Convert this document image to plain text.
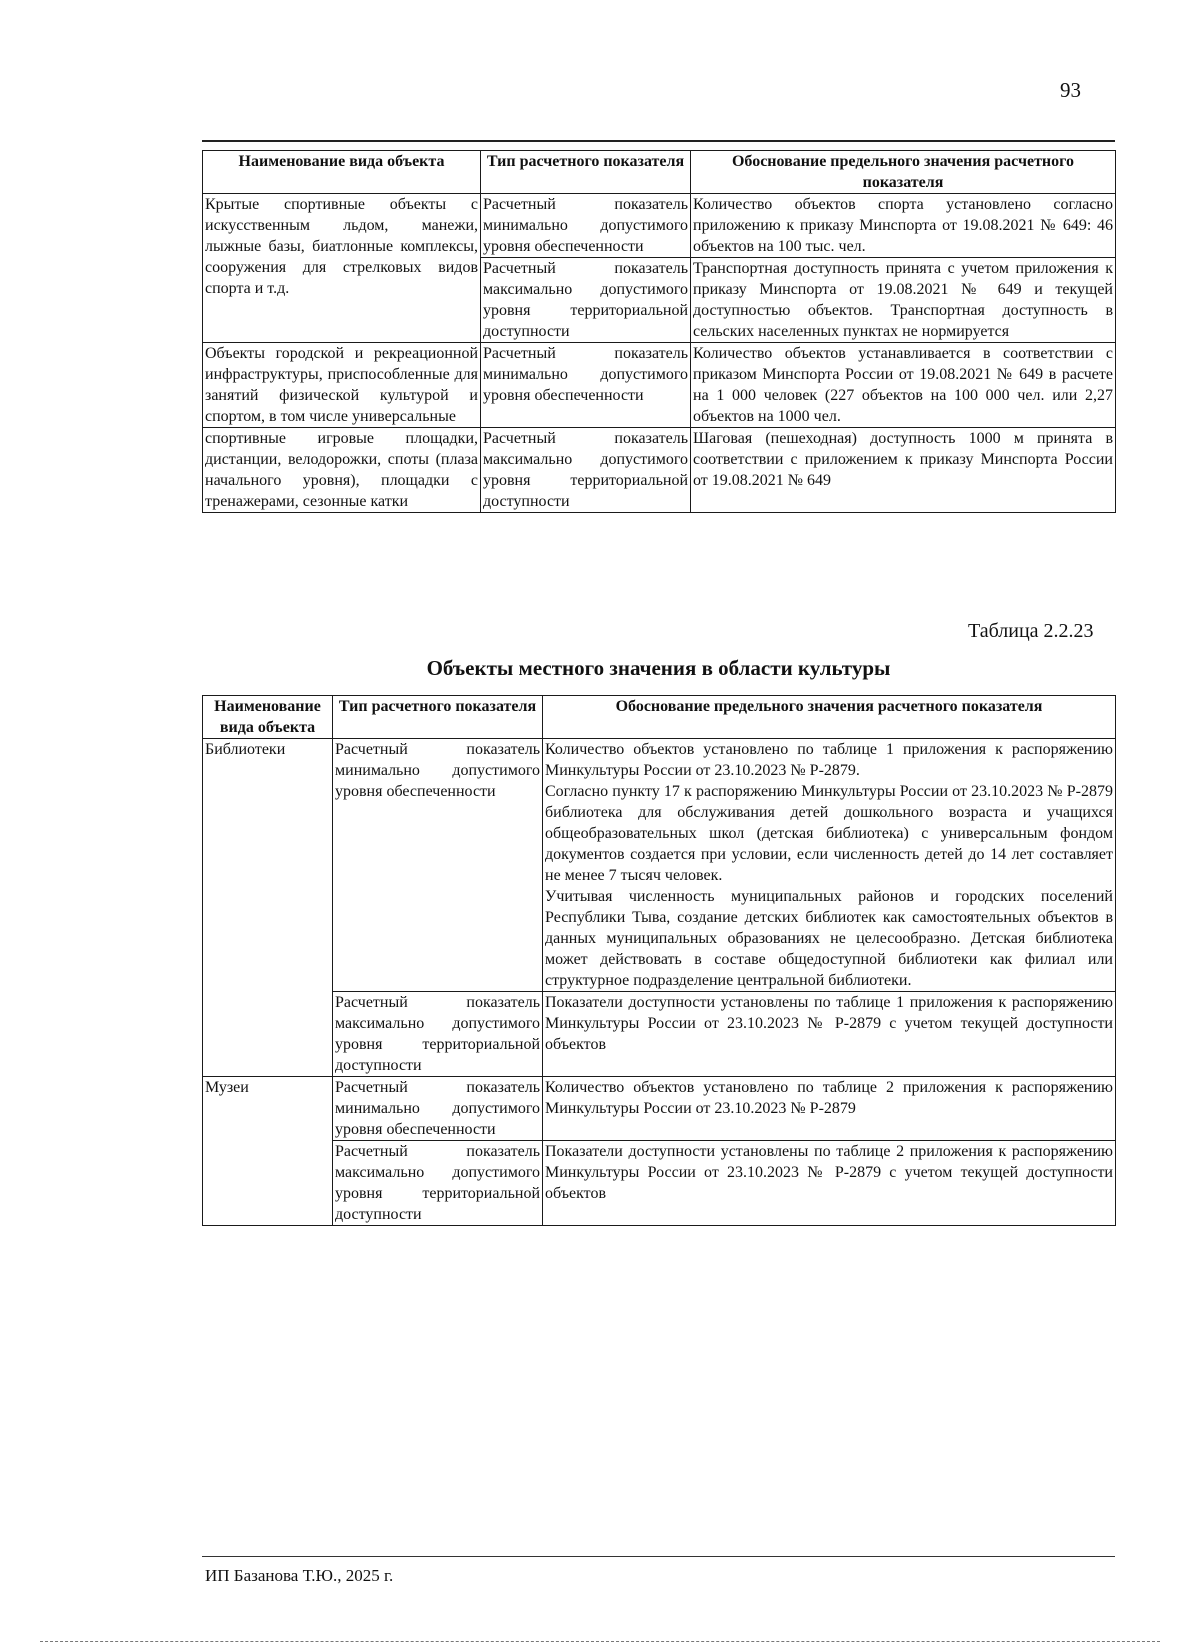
93
Наименование вида объекта	Тип расчетного показателя	Обоснование предельного значения расчетного показателя
Крытые спортивные объекты с искусственным льдом, манежи, лыжные базы, биатлонные комплексы, сооружения для стрелковых видов спорта и т.д.	Расчетный показатель минимально допустимого уровня обеспеченности	Количество объектов спорта установлено согласно приложению к приказу Минспорта от 19.08.2021 № 649: 46 объектов на 100 тыс. чел.
	Расчетный показатель максимально допустимого уровня территориальной доступности	Транспортная доступность принята с учетом приложения к приказу Минспорта от 19.08.2021 № 649 и текущей доступностью объектов. Транспортная доступность в сельских населенных пунктах не нормируется
Объекты городской и рекреационной инфраструктуры, приспособленные для занятий физической культурой и спортом, в том числе универсальные	Расчетный показатель минимально допустимого уровня обеспеченности	Количество объектов устанавливается в соответствии с приказом Минспорта России от 19.08.2021 № 649 в расчете на 1 000 человек (227 объектов на 100 000 чел. или 2,27 объектов на 1000 чел.
спортивные игровые площадки, дистанции, велодорожки, споты (плаза начального уровня), площадки с тренажерами, сезонные катки	Расчетный показатель максимально допустимого уровня территориальной доступности	Шаговая (пешеходная) доступность 1000 м принята в соответствии с приложением к приказу Минспорта России от 19.08.2021 № 649
Таблица 2.2.23
Объекты местного значения в области культуры
Наименование вида объекта	Тип расчетного показателя	Обоснование предельного значения расчетного показателя
Библиотеки	Расчетный показатель минимально допустимого уровня обеспеченности	Количество объектов установлено по таблице 1 приложения к распоряжению Минкультуры России от 23.10.2023 № Р-2879.
Согласно пункту 17 к распоряжению Минкультуры России от 23.10.2023 № Р-2879 библиотека для обслуживания детей дошкольного возраста и учащихся общеобразовательных школ (детская библиотека) с универсальным фондом документов создается при условии, если численность детей до 14 лет составляет не менее 7 тысяч человек.
Учитывая численность муниципальных районов и городских поселений Республики Тыва, создание детских библиотек как самостоятельных объектов в данных муниципальных образованиях не целесообразно. Детская библиотека может действовать в составе общедоступной библиотеки как филиал или структурное подразделение центральной библиотеки.

	Расчетный показатель максимально допустимого уровня территориальной доступности	Показатели доступности установлены по таблице 1 приложения к распоряжению Минкультуры России от 23.10.2023 № Р-2879 с учетом текущей доступности объектов
Музеи	Расчетный показатель минимально допустимого уровня обеспеченности	Количество объектов установлено по таблице 2 приложения к распоряжению Минкультуры России от 23.10.2023 № Р-2879
	Расчетный показатель максимально допустимого уровня территориальной доступности	Показатели доступности установлены по таблице 2 приложения к распоряжению Минкультуры России от 23.10.2023 № Р-2879 с учетом текущей доступности объектов
ИП Базанова Т.Ю., 2025 г.
